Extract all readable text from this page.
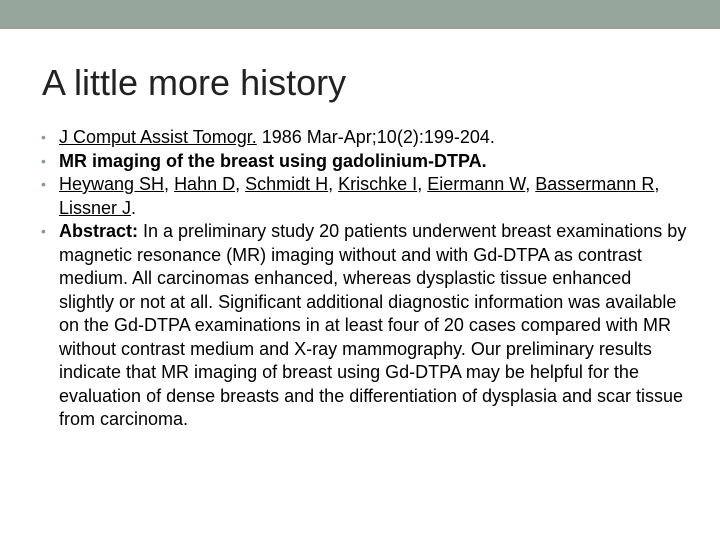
A little more history
• J Comput Assist Tomogr. 1986 Mar-Apr;10(2):199-204.
• MR imaging of the breast using gadolinium-DTPA.
• Heywang SH, Hahn D, Schmidt H, Krischke I, Eiermann W, Bassermann R, Lissner J.
• Abstract: In a preliminary study 20 patients underwent breast examinations by magnetic resonance (MR) imaging without and with Gd-DTPA as contrast medium. All carcinomas enhanced, whereas dysplastic tissue enhanced slightly or not at all. Significant additional diagnostic information was available on the Gd-DTPA examinations in at least four of 20 cases compared with MR without contrast medium and X-ray mammography. Our preliminary results indicate that MR imaging of breast using Gd-DTPA may be helpful for the evaluation of dense breasts and the differentiation of dysplasia and scar tissue from carcinoma.
